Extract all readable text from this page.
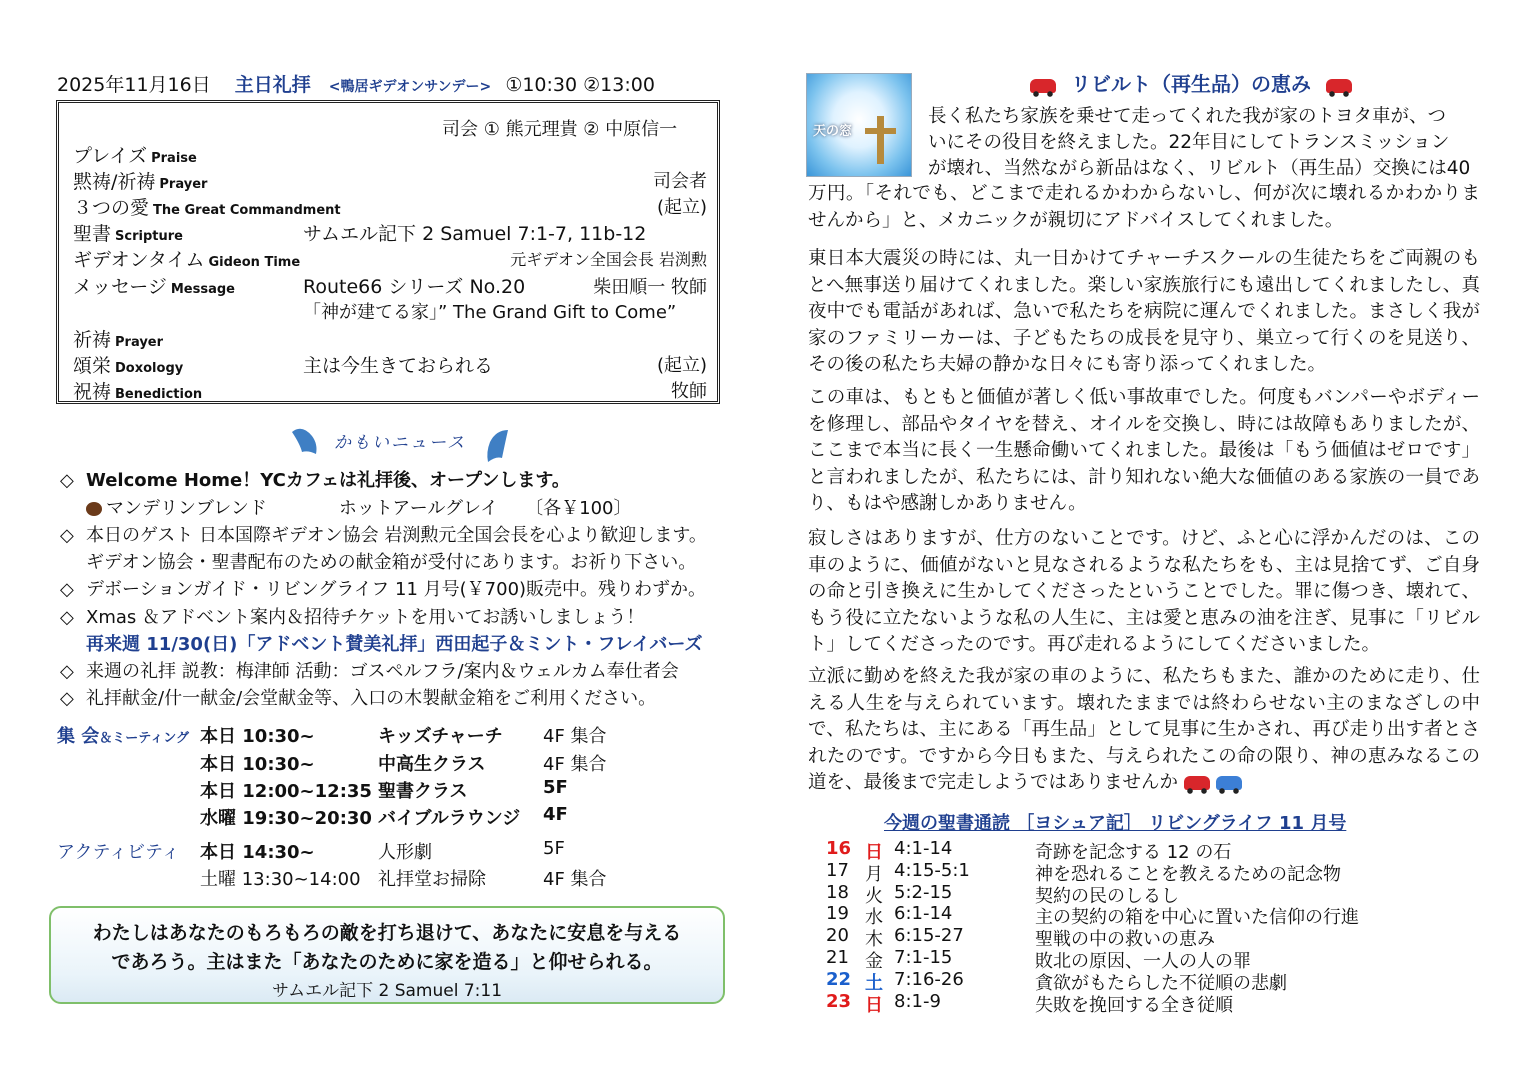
2025年11月16日 主日礼拝 <鴨居ギデオンサンデー> ①10:30 ②13:00
司会 ① 熊元理貴 ② 中原信一
プレイズ Praise
黙祷/祈祷 Prayer	司会者
３つの愛 The Great Commandment	(起立)
聖書 Scripture	サムエル記下 2 Samuel 7:1-7, 11b-12
ギデオンタイム Gideon Time	元ギデオン全国会長 岩渕勲
メッセージ Message	Route66 シリーズ No.20	柴田順一 牧師
「神が建てる家」” The Grand Gift to Come”
祈祷 Prayer
頌栄 Doxology	主は今生きておられる	(起立)
祝祷 Benediction	牧師
かもいニュース
◇ Welcome Home！YCカフェは礼拝後、オープンします。
マンデリンブレンド　　　　ホットアールグレイ　　〔各￥100〕
◇ 本日のゲスト 日本国際ギデオン協会 岩渕勲元全国会長を心より歓迎します。
ギデオン協会・聖書配布のための献金箱が受付にあります。お祈り下さい。
◇ デボーションガイド・リビングライフ 11 月号(￥700)販売中。残りわずか。
◇ Xmas ＆アドベント案内＆招待チケットを用いてお誘いしましょう！
再来週 11/30(日)「アドベント賛美礼拝」西田起子＆ミント・フレイバーズ
◇ 来週の礼拝 説教：梅津師 活動：ゴスペルフラ/案内＆ウェルカム奉仕者会
◇ 礼拝献金/什一献金/会堂献金等、入口の木製献金箱をご利用ください。
集 会＆ミーティング
アクティビティ
本日 10:30~	キッズチャーチ 4F 集合
本日 10:30~	中高生クラス	4F 集合
本日 12:00~12:35 聖書クラス	5F
水曜 19:30~20:30 バイブルラウンジ 4F
本日 14:30~	人形劇	5F
土曜 13:30~14:00 礼拝堂お掃除	4F 集合
わたしはあなたのもろもろの敵を打ち退けて、あなたに安息を与える
であろう。主はまた「あなたのために家を造る」と仰せられる。
サムエル記下 2 Samuel 7:11
リビルト（再生品）の恵み
天の窓
長く私たち家族を乗せて走ってくれた我が家のトヨタ車が、つ
いにその役目を終えました。22年目にしてトランスミッション
が壊れ、当然ながら新品はなく、リビルト（再生品）交換には40
万円。「それでも、どこまで走れるかわからないし、何が次に壊れるかわかりませんから」と、メカニックが親切にアドバイスしてくれました。
東日本大震災の時には、丸一日かけてチャーチスクールの生徒たちをご両親のもとへ無事送り届けてくれました。楽しい家族旅行にも遠出してくれましたし、真夜中でも電話があれば、急いで私たちを病院に運んでくれました。まさしく我が家のファミリーカーは、子どもたちの成長を見守り、巣立って行くのを見送り、その後の私たち夫婦の静かな日々にも寄り添ってくれました。
この車は、もともと価値が著しく低い事故車でした。何度もバンパーやボディーを修理し、部品やタイヤを替え、オイルを交換し、時には故障もありましたが、ここまで本当に長く一生懸命働いてくれました。最後は「もう価値はゼロです」と言われましたが、私たちには、計り知れない絶大な価値のある家族の一員であり、もはや感謝しかありません。
寂しさはありますが、仕方のないことです。けど、ふと心に浮かんだのは、この車のように、価値がないと見なされるような私たちをも、主は見捨てず、ご自身の命と引き換えに生かしてくださったということでした。罪に傷つき、壊れて、もう役に立たないような私の人生に、主は愛と恵みの油を注ぎ、見事に「リビルト」してくださったのです。再び走れるようにしてくださいました。
立派に勤めを終えた我が家の車のように、私たちもまた、誰かのために走り、仕える人生を与えられています。壊れたままでは終わらせない主のまなざしの中で、私たちは、主にある「再生品」として見事に生かされ、再び走り出す者とされたのです。ですから今日もまた、与えられたこの命の限り、神の恵みなるこの道を、最後まで完走しようではありませんか
今週の聖書通読 ［ヨシュア記］ リビングライフ 11 月号
16 日 4:1-14	奇跡を記念する 12 の石
17 月 4:15-5:1	神を恐れることを教えるための記念物
18 火 5:2-15	契約の民のしるし
19 水 6:1-14	主の契約の箱を中心に置いた信仰の行進
20 木 6:15-27	聖戦の中の救いの恵み
21 金 7:1-15	敗北の原因、一人の人の罪
22 土 7:16-26	貪欲がもたらした不従順の悲劇
23 日 8:1-9	失敗を挽回する全き従順
